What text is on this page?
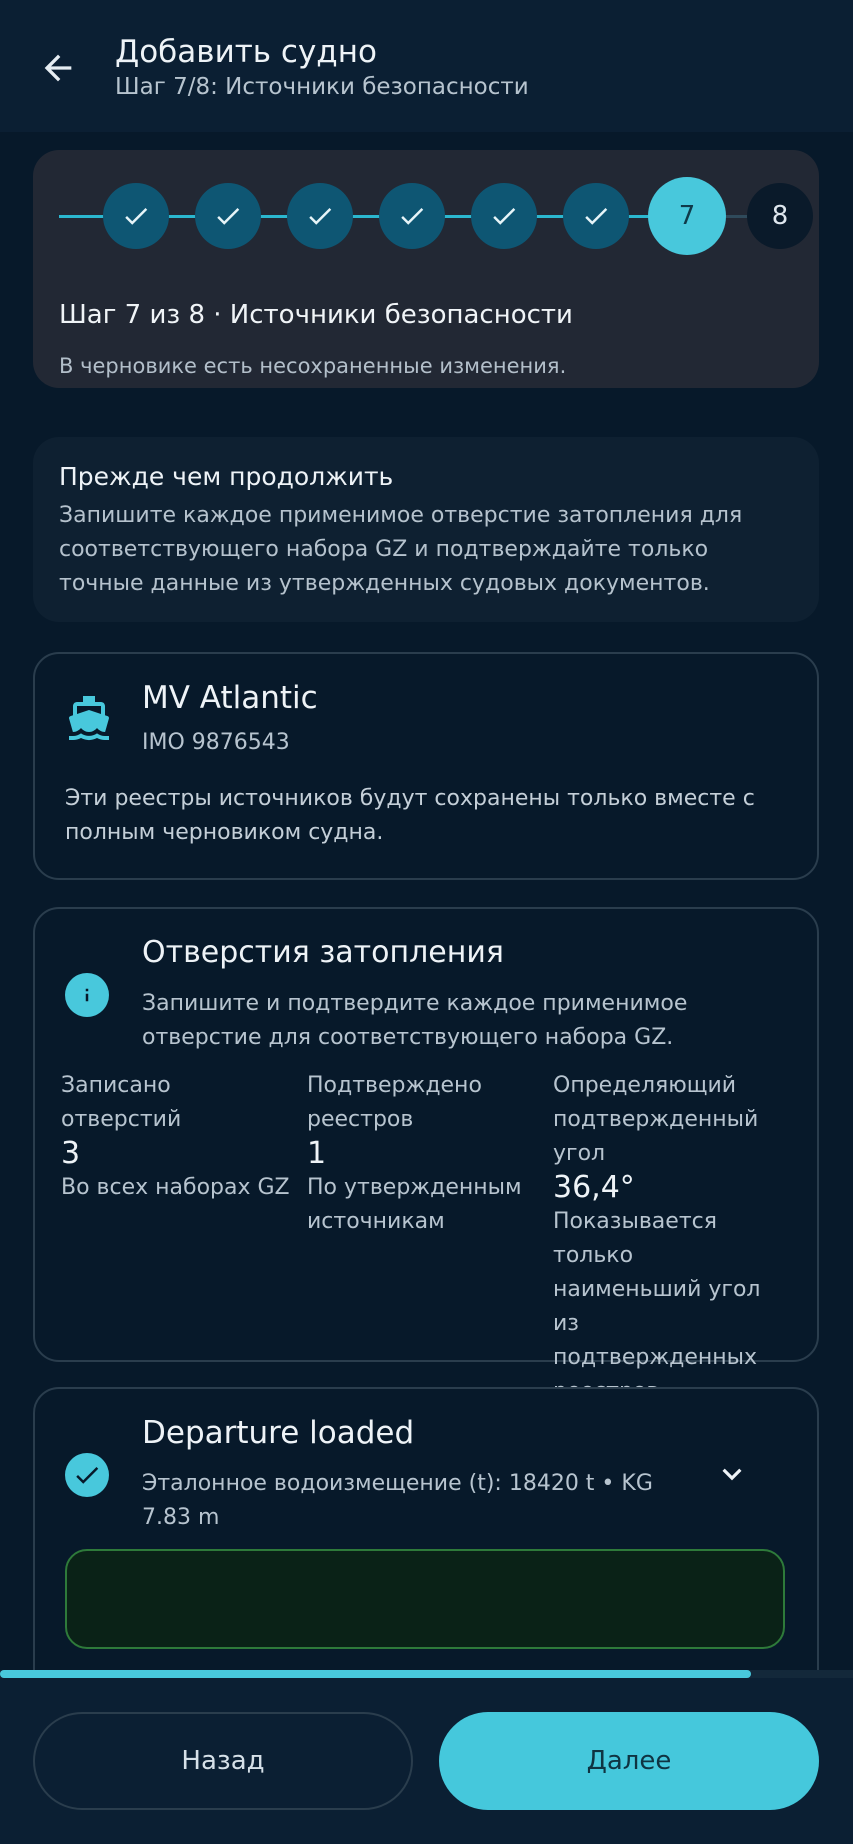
Добавить судно
Шаг 7/8: Источники безопасности
7	8
Шаг 7 из 8 · Источники безопасности
В черновике есть несохраненные изменения.
Прежде чем продолжить
Запишите каждое применимое отверстие затопления для соответствующего набора GZ и подтверждайте только точные данные из утвержденных судовых документов.
MV Atlantic
IMO 9876543
Эти реестры источников будут сохранены только вместе с полным черновиком судна.
Отверстия затопления
Запишите и подтвердите каждое применимое отверстие для соответствующего набора GZ.
Записано отверстий
3
Во всех наборах GZ
Подтверждено реестров
1
По утвержденным источникам
Определяющий подтвержденный угол
36,4°
Показывается только наименьший угол из подтвержденных
Departure loaded
Эталонное водоизмещение (t): 18420 t • KG 7.83 m
Назад	Далее
